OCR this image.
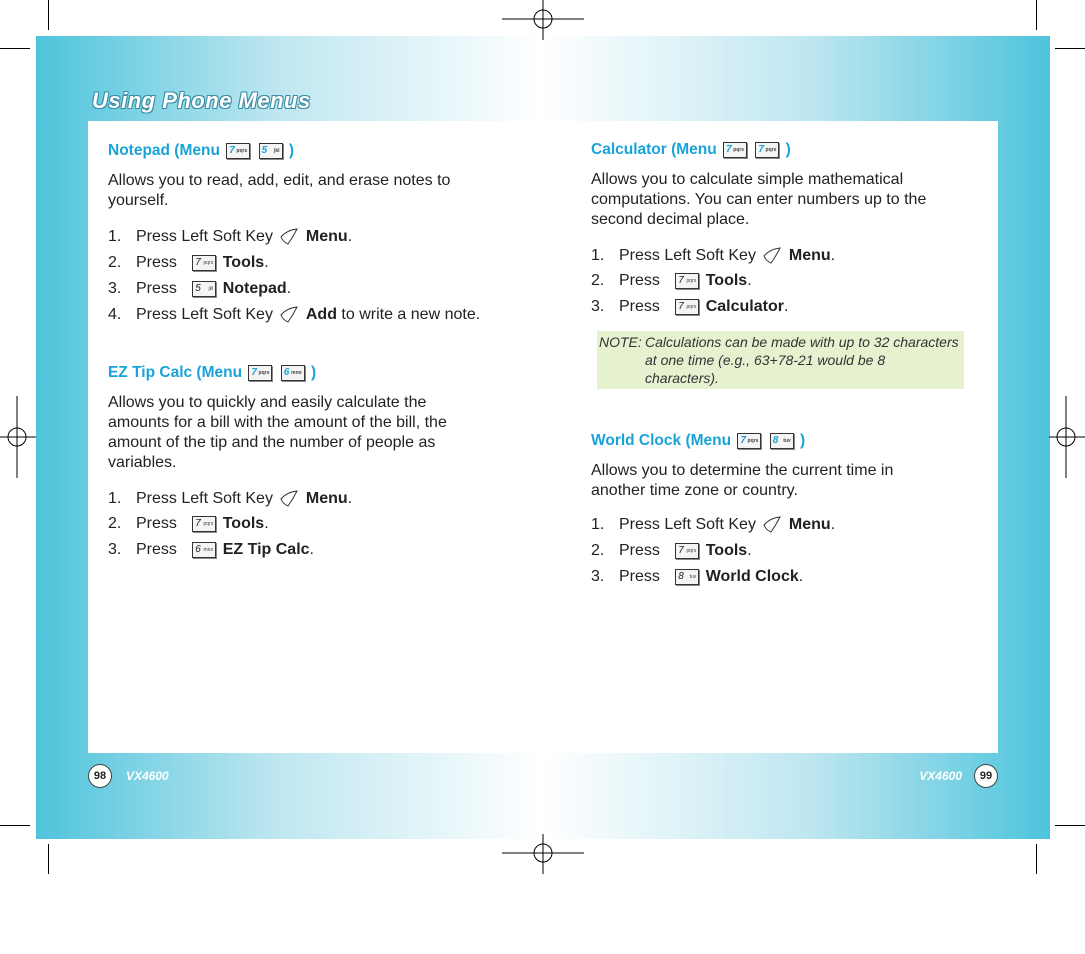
Using Phone Menus
Notepad (Menu 7 pqrs 5	jkl )

Allows you to read, add, edit, and erase notes to yourself.

1. Press Left Soft Key Menu.
2. Press 7 pqrs Tools.
3. Press 5	jkl Notepad.
4. Press Left Soft Key Add to write a new note.
EZ Tip Calc (Menu 7 pqrs 6 mno )

Allows you to quickly and easily calculate the amounts for a bill with the amount of the bill, the amount of the tip and the number of people as variables.

1. Press Left Soft Key Menu.
2. Press 7 pqrs Tools.
3. Press 6 mno EZ Tip Calc.
Calculator (Menu 7 pqrs 7 pqrs )

Allows you to calculate simple mathematical computations. You can enter numbers up to the second decimal place.

1. Press Left Soft Key Menu.
2. Press 7 pqrs Tools.
3. Press 7 pqrs Calculator.
World Clock (Menu 7 pqrs 8 tuv )

Allows you to determine the current time in another time zone or country.

1. Press Left Soft Key Menu.
2. Press 7 pqrs Tools.
3. Press 8	tuv World Clock.
NOTE: Calculations can be made with up to 32 characters at one time (e.g., 63+78-21 would be 8 characters).
98	VX4600	VX4600	99
